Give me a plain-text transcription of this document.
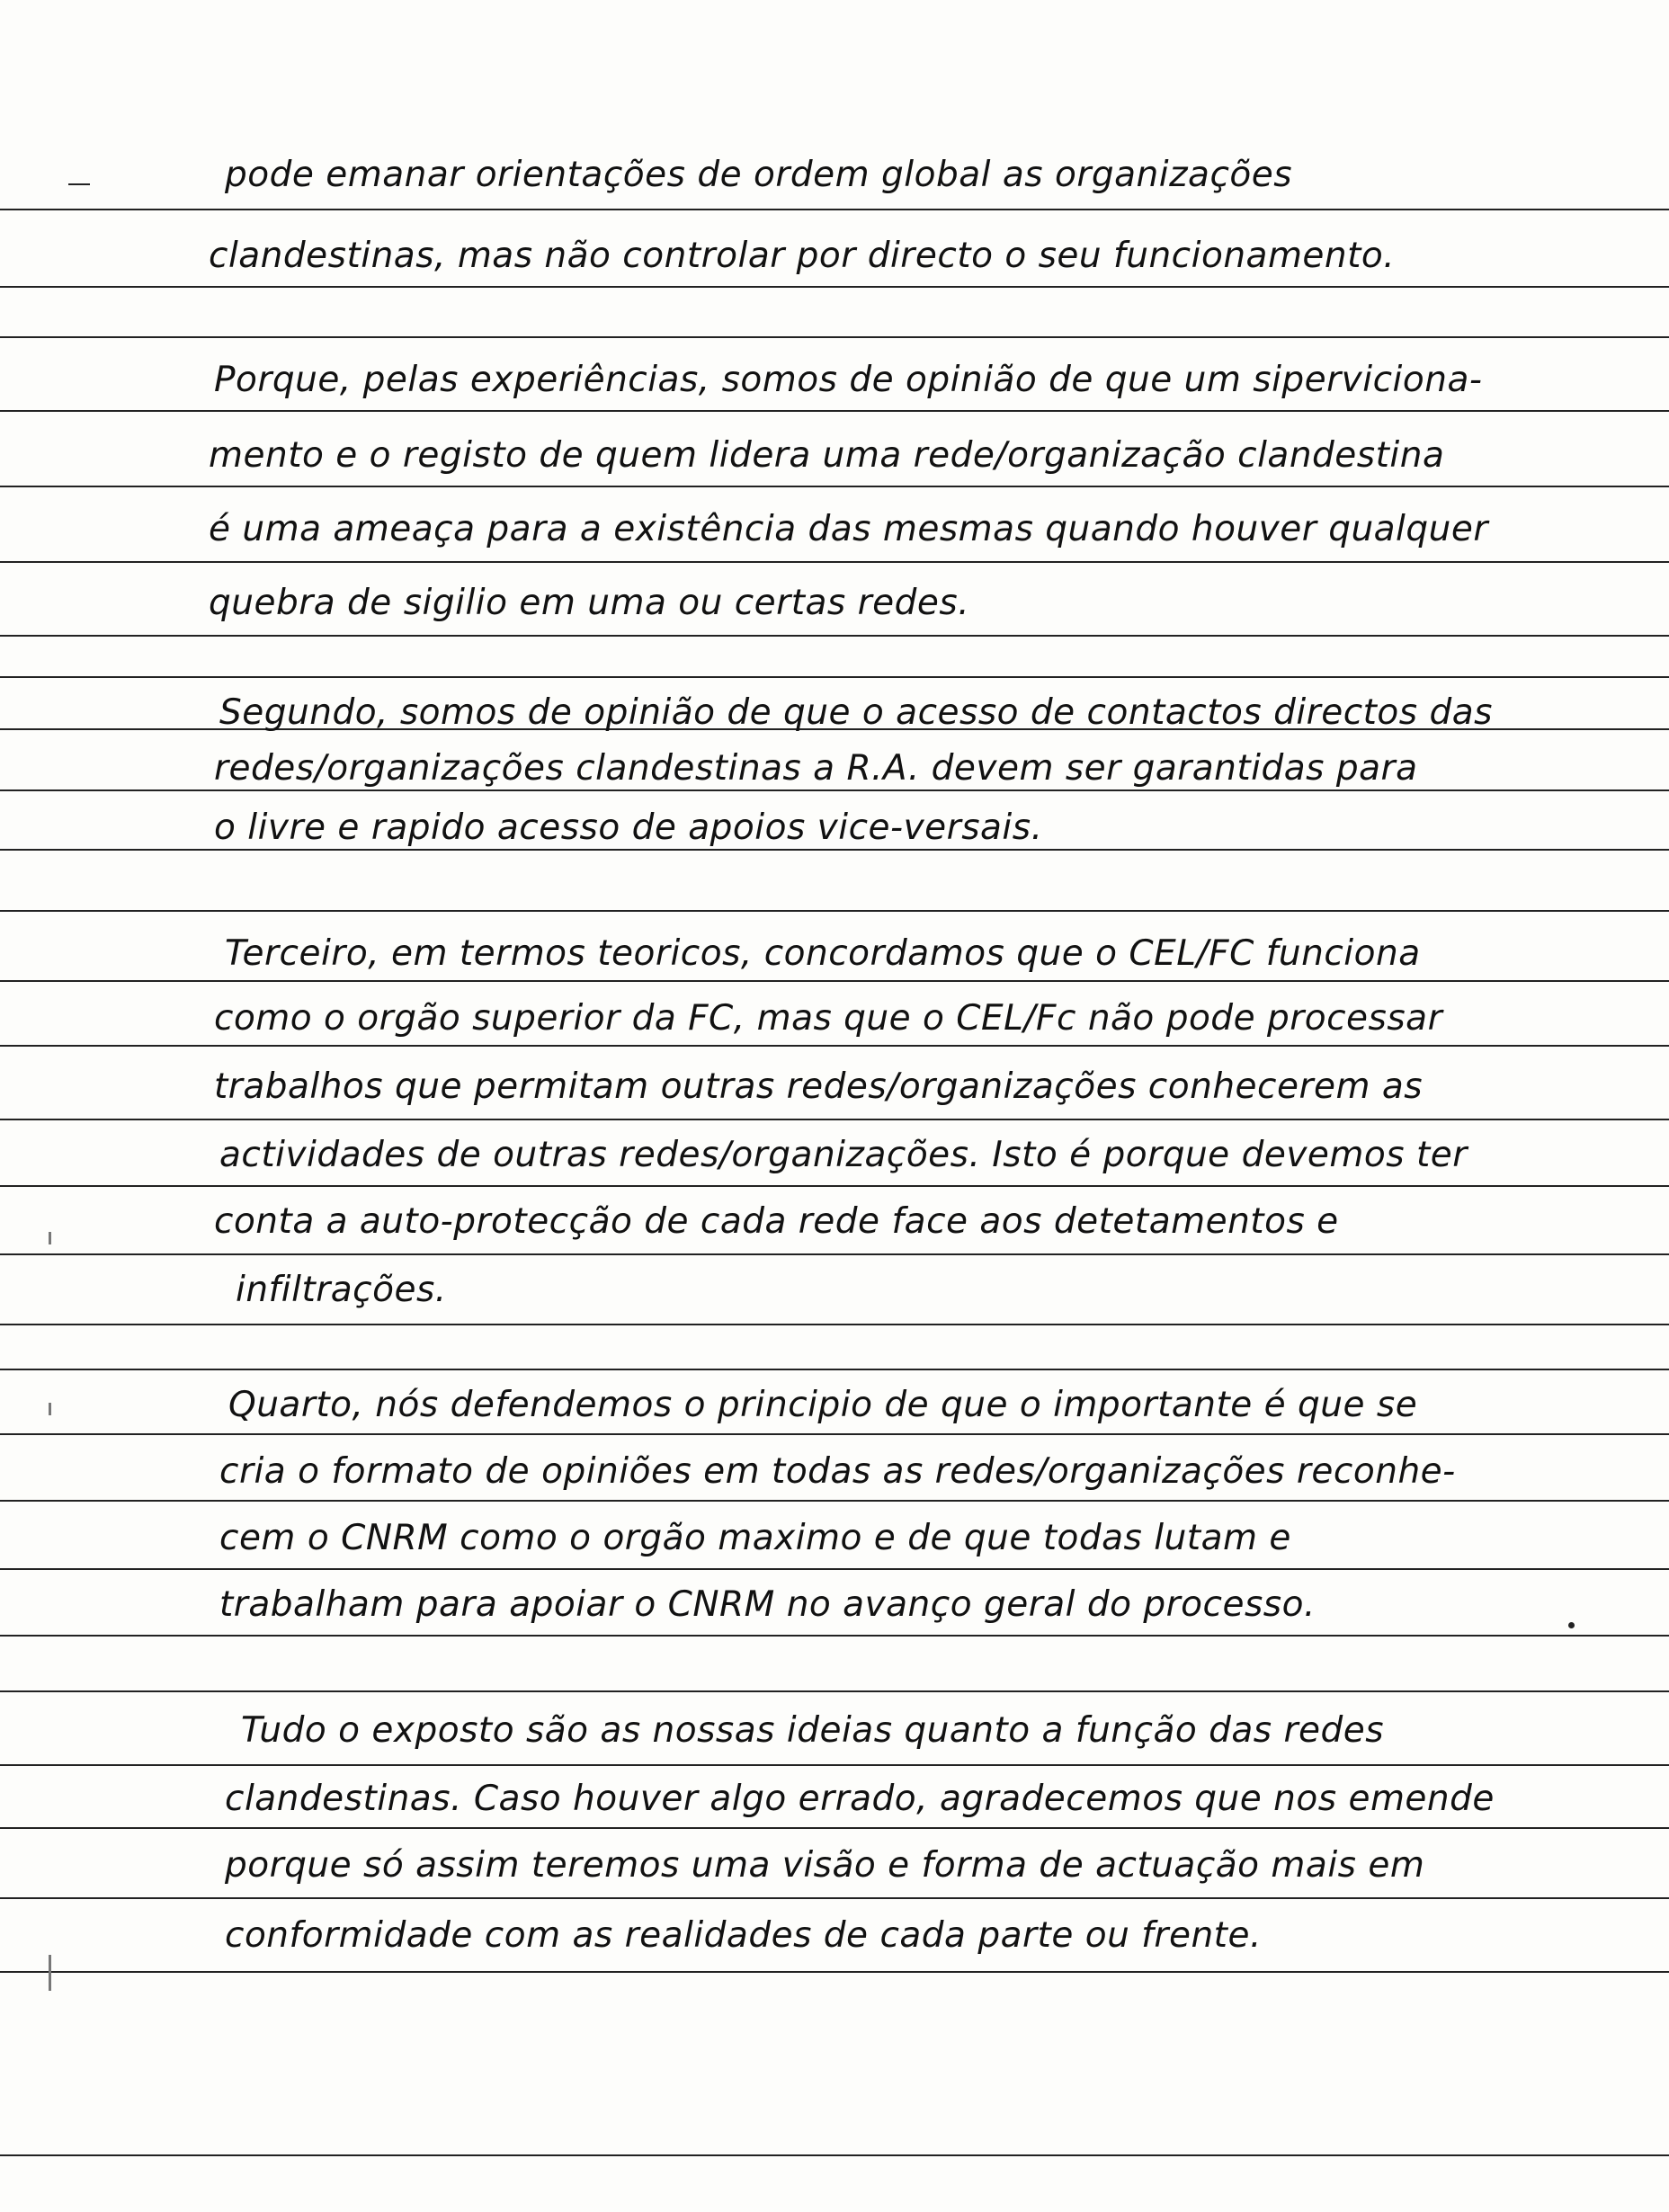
pode emanar orientações de ordem global as organizações
clandestinas, mas não controlar por directo o seu funcionamento.
Porque, pelas experiências, somos de opinião de que um sipervicionа-
mento e o registo de quem lidera uma rede/organização clandestina
é uma ameaça para a existência das mesmas quando houver qualquer
quebra de sigilio em uma ou certas redes.
Segundo, somos de opinião de que o acesso de contactos directos das
redes/organizações clandestinas a R.A. devem ser garantidas para
o livre e rapido acesso de apoios vice-versais.
Terceiro, em termos teoricos, concordamos que o CEL/FC funciona
como o orgão superior da FC, mas que o CEL/Fc não pode processar
trabalhos que permitam outras redes/organizações conhecerem as
actividades de outras redes/organizações. Isto é porque devemos ter
conta a auto-protecção de cada rede face aos detetamentos e
infiltrações.
Quarto, nós defendemos o principio de que o importante é que se
cria o formato de opiniões em todas as redes/organizações reconhe-
cem o CNRM como o orgão maximo e de que todas lutam e
trabalham para apoiar o CNRM no avanço geral do processo.
Tudo o exposto são as nossas ideias quanto a função das redes
clandestinas. Caso houver algo errado, agradecemos que nos emende
porque só assim teremos uma visão e forma de actuação mais em
conformidade com as realidades de cada parte ou frente.
